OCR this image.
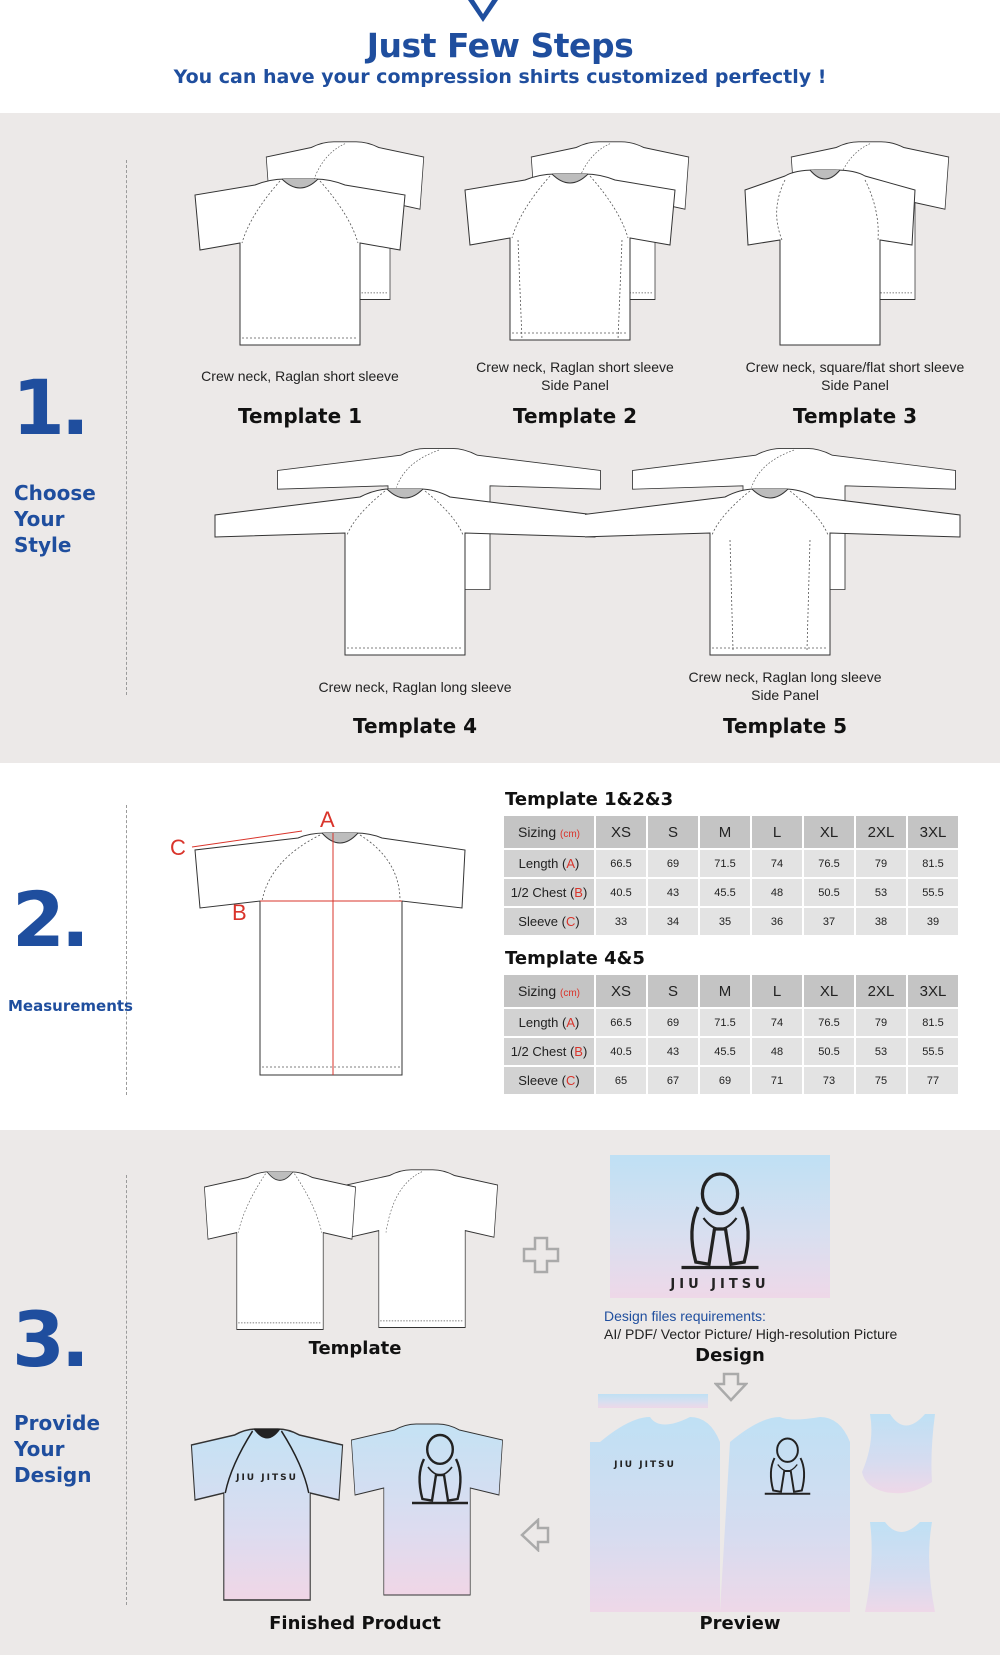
Just Few Steps
You can have your compression shirts customized perfectly !
1.
Choose
Your
Style
Crew neck, Raglan short sleeve
Template 1
Crew neck, Raglan short sleeve
Side Panel
Template 2
Crew neck, square/flat short sleeve
Side Panel
Template 3
Crew neck, Raglan long sleeve
Template 4
Crew neck, Raglan long sleeve
Side Panel
Template 5
2.
Measurements
A
B
C
Template 1&2&3
Sizing (cm)	XS	S	M	L	XL	2XL	3XL
Length (A)	66.5	69	71.5	74	76.5	79	81.5
1/2 Chest (B)	40.5	43	45.5	48	50.5	53	55.5
Sleeve (C)	33	34	35	36	37	38	39
Template 4&5
Sizing (cm)	XS	S	M	L	XL	2XL	3XL
Length (A)	66.5	69	71.5	74	76.5	79	81.5
1/2 Chest (B)	40.5	43	45.5	48	50.5	53	55.5
Sleeve (C)	65	67	69	71	73	75	77
3.
Provide
Your
Design
Template
JIU JITSU
Design files requirements:
AI/ PDF/ Vector Picture/ High-resolution Picture
Design
JIU JITSU
Preview
JIU JITSU
Finished Product
